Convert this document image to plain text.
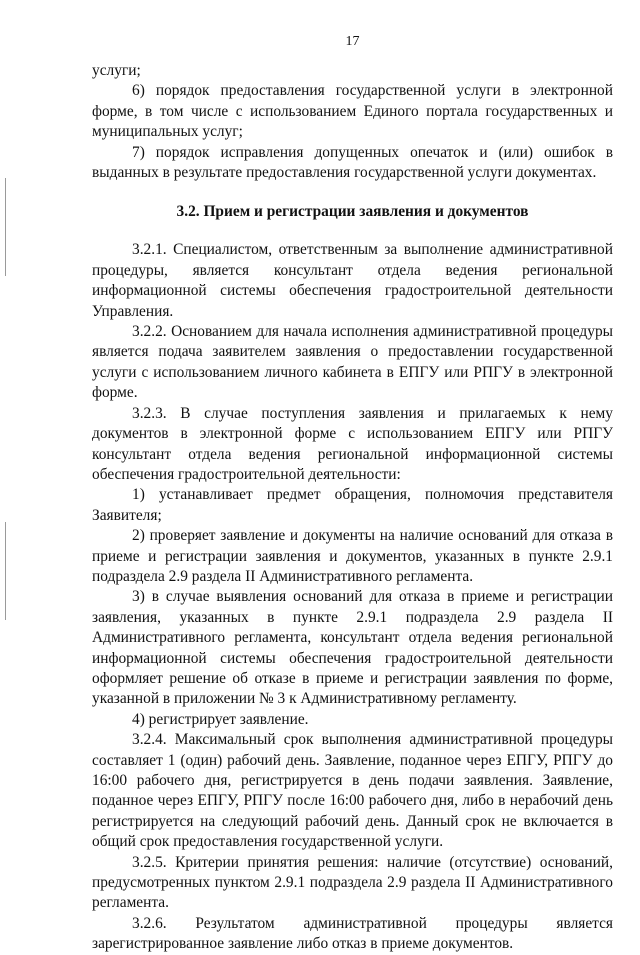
17

услуги;

6) порядок предоставления государственной услуги в электронной форме, в том числе с использованием Единого портала государственных и муниципальных услуг;

7) порядок исправления допущенных опечаток и (или) ошибок в выданных в результате предоставления государственной услуги документах.

3.2. Прием и регистрации заявления и документов

3.2.1. Специалистом, ответственным за выполнение административной процедуры, является консультант отдела ведения региональной информационной системы обеспечения градостроительной деятельности Управления.

3.2.2. Основанием для начала исполнения административной процедуры является подача заявителем заявления о предоставлении государственной услуги с использованием личного кабинета в ЕПГУ или РПГУ в электронной форме.

3.2.3. В случае поступления заявления и прилагаемых к нему документов в электронной форме с использованием ЕПГУ или РПГУ консультант отдела ведения региональной информационной системы обеспечения градостроительной деятельности:

1) устанавливает предмет обращения, полномочия представителя Заявителя;

2) проверяет заявление и документы на наличие оснований для отказа в приеме и регистрации заявления и документов, указанных в пункте 2.9.1 подраздела 2.9 раздела II Административного регламента.

3) в случае выявления оснований для отказа в приеме и регистрации заявления, указанных в пункте 2.9.1 подраздела 2.9 раздела II Административного регламента, консультант отдела ведения региональной информационной системы обеспечения градостроительной деятельности оформляет решение об отказе в приеме и регистрации заявления по форме, указанной в приложении № 3 к Административному регламенту.

4) регистрирует заявление.

3.2.4. Максимальный срок выполнения административной процедуры составляет 1 (один) рабочий день. Заявление, поданное через ЕПГУ, РПГУ до 16:00 рабочего дня, регистрируется в день подачи заявления. Заявление, поданное через ЕПГУ, РПГУ после 16:00 рабочего дня, либо в нерабочий день регистрируется на следующий рабочий день. Данный срок не включается в общий срок предоставления государственной услуги.

3.2.5. Критерии принятия решения: наличие (отсутствие) оснований, предусмотренных пунктом 2.9.1 подраздела 2.9 раздела II Административного регламента.

3.2.6. Результатом административной процедуры является зарегистрированное заявление либо отказ в приеме документов.
